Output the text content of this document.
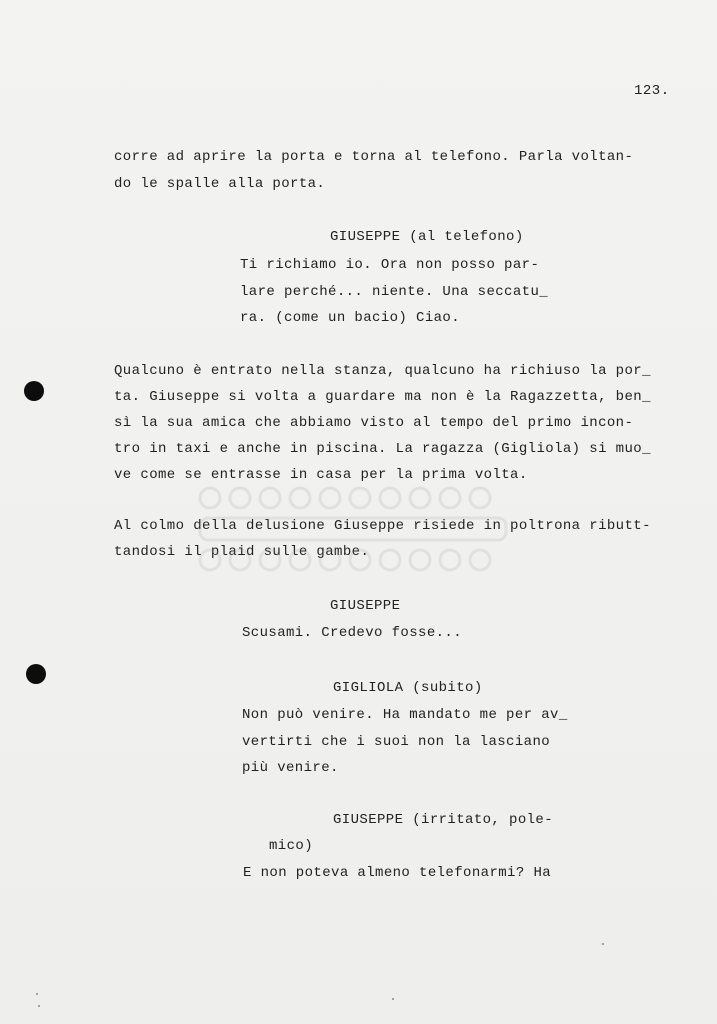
123.
corre ad aprire la porta e torna al telefono. Parla voltan-
do le spalle alla porta.
GIUSEPPE (al telefono)
Ti richiamo io. Ora non posso par-
lare perché... niente. Una seccatu_
ra. (come un bacio) Ciao.
Qualcuno è entrato nella stanza, qualcuno ha richiuso la por_
ta. Giuseppe si volta a guardare ma non è la Ragazzetta, ben_
sì la sua amica che abbiamo visto al tempo del primo incon-
tro in taxi e anche in piscina. La ragazza (Gigliola) si muo_
ve come se entrasse in casa per la prima volta.
Al colmo della delusione Giuseppe risiede in poltrona ributt-
tandosi il plaid sulle gambe.
GIUSEPPE
Scusami. Credevo fosse...
GIGLIOLA (subito)
Non può venire. Ha mandato me per av_
vertirti che i suoi non la lasciano
più venire.
GIUSEPPE (irritato, pole-
mico)
E non poteva almeno telefonarmi? Ha
